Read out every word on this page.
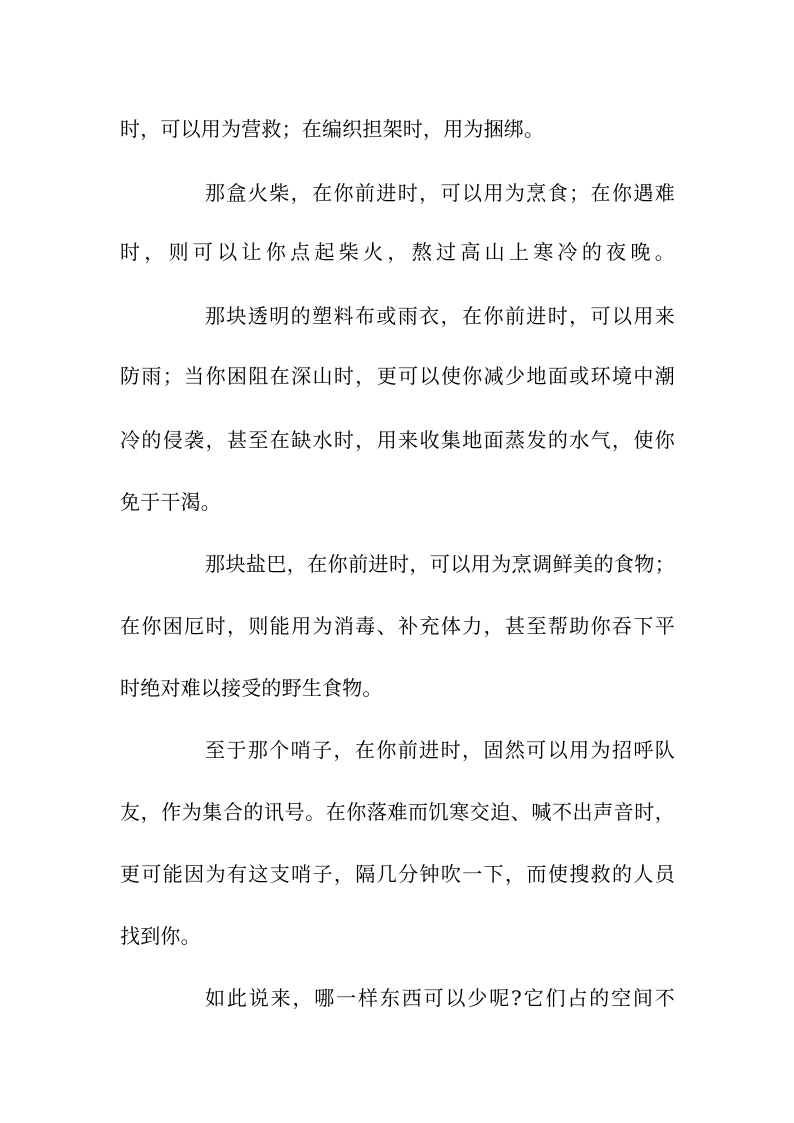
时，可以用为营救；在编织担架时，用为捆绑。
那盒火柴，在你前进时，可以用为烹食；在你遇难
时，则可以让你点起柴火，熬过高山上寒冷的夜晚。
那块透明的塑料布或雨衣，在你前进时，可以用来
防雨；当你困阻在深山时，更可以使你减少地面或环境中潮
冷的侵袭，甚至在缺水时，用来收集地面蒸发的水气，使你
免于干渴。
那块盐巴，在你前进时，可以用为烹调鲜美的食物；
在你困厄时，则能用为消毒、补充体力，甚至帮助你吞下平
时绝对难以接受的野生食物。
至于那个哨子，在你前进时，固然可以用为招呼队
友，作为集合的讯号。在你落难而饥寒交迫、喊不出声音时，
更可能因为有这支哨子，隔几分钟吹一下，而使搜救的人员
找到你。
如此说来，哪一样东西可以少呢?它们占的空间不
